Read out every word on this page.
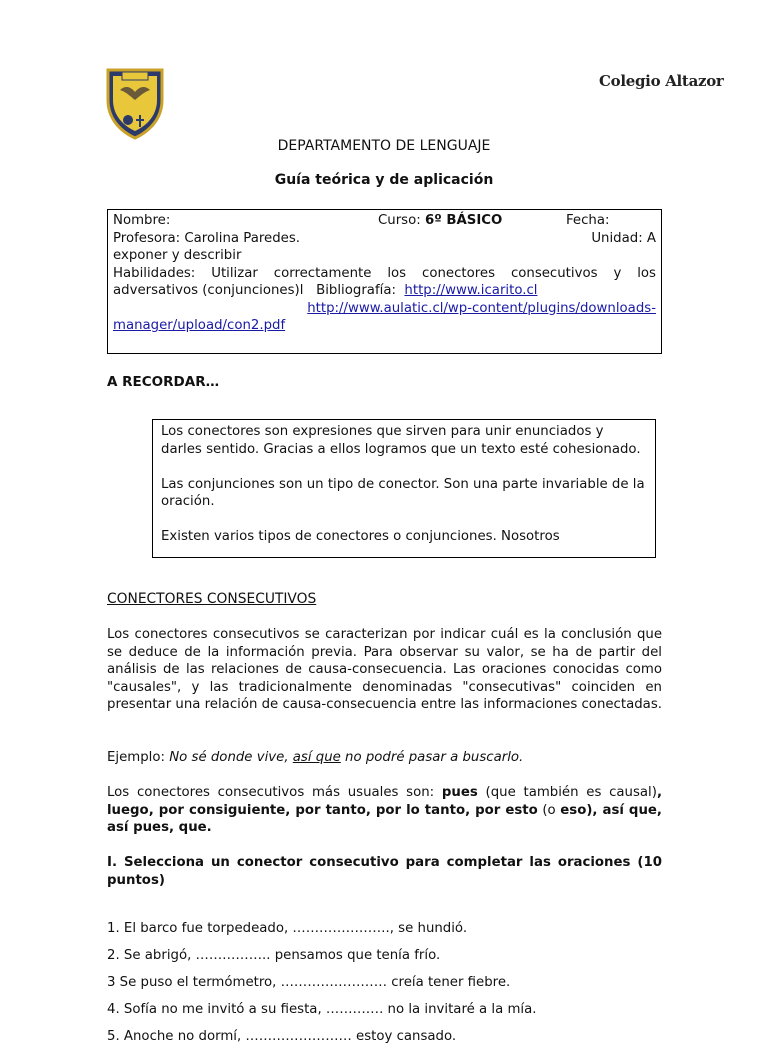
Colegio Altazor
DEPARTAMENTO DE LENGUAJE
Guía teórica y de aplicación
Nombre:	Curso: 6º BÁSICO	Fecha:
Profesora: Carolina Paredes.	Unidad: A
exponer y describir
Habilidades: Utilizar correctamente los conectores consecutivos y los adversativos (conjunciones)l Bibliografía: http://www.icarito.cl
http://www.aulatic.cl/wp-content/plugins/downloads-
manager/upload/con2.pdf
A RECORDAR…

Los conectores son expresiones que sirven para unir enunciados y darles sentido. Gracias a ellos logramos que un texto esté cohesionado.

Las conjunciones son un tipo de conector. Son una parte invariable de la oración.

Existen varios tipos de conectores o conjunciones. Nosotros

CONECTORES CONSECUTIVOS
Los conectores consecutivos se caracterizan por indicar cuál es la conclusión que se deduce de la información previa. Para observar su valor, se ha de partir del análisis de las relaciones de causa-consecuencia. Las oraciones conocidas como "causales", y las tradicionalmente denominadas "consecutivas" coinciden en presentar una relación de causa-consecuencia entre las informaciones conectadas.
Ejemplo: No sé donde vive, así que no podré pasar a buscarlo.
Los conectores consecutivos más usuales son: pues (que también es causal), luego, por consiguiente, por tanto, por lo tanto, por esto (o eso), así que, así pues, que.
I. Selecciona un conector consecutivo para completar las oraciones (10 puntos)
1. El barco fue torpedeado, …………………., se hundió.
2. Se abrigó, …………….. pensamos que tenía frío.
3 Se puso el termómetro, …………………… creía tener fiebre.
4. Sofía no me invitó a su fiesta, …………. no la invitaré a la mía.
5. Anoche no dormí, …………………… estoy cansado.
